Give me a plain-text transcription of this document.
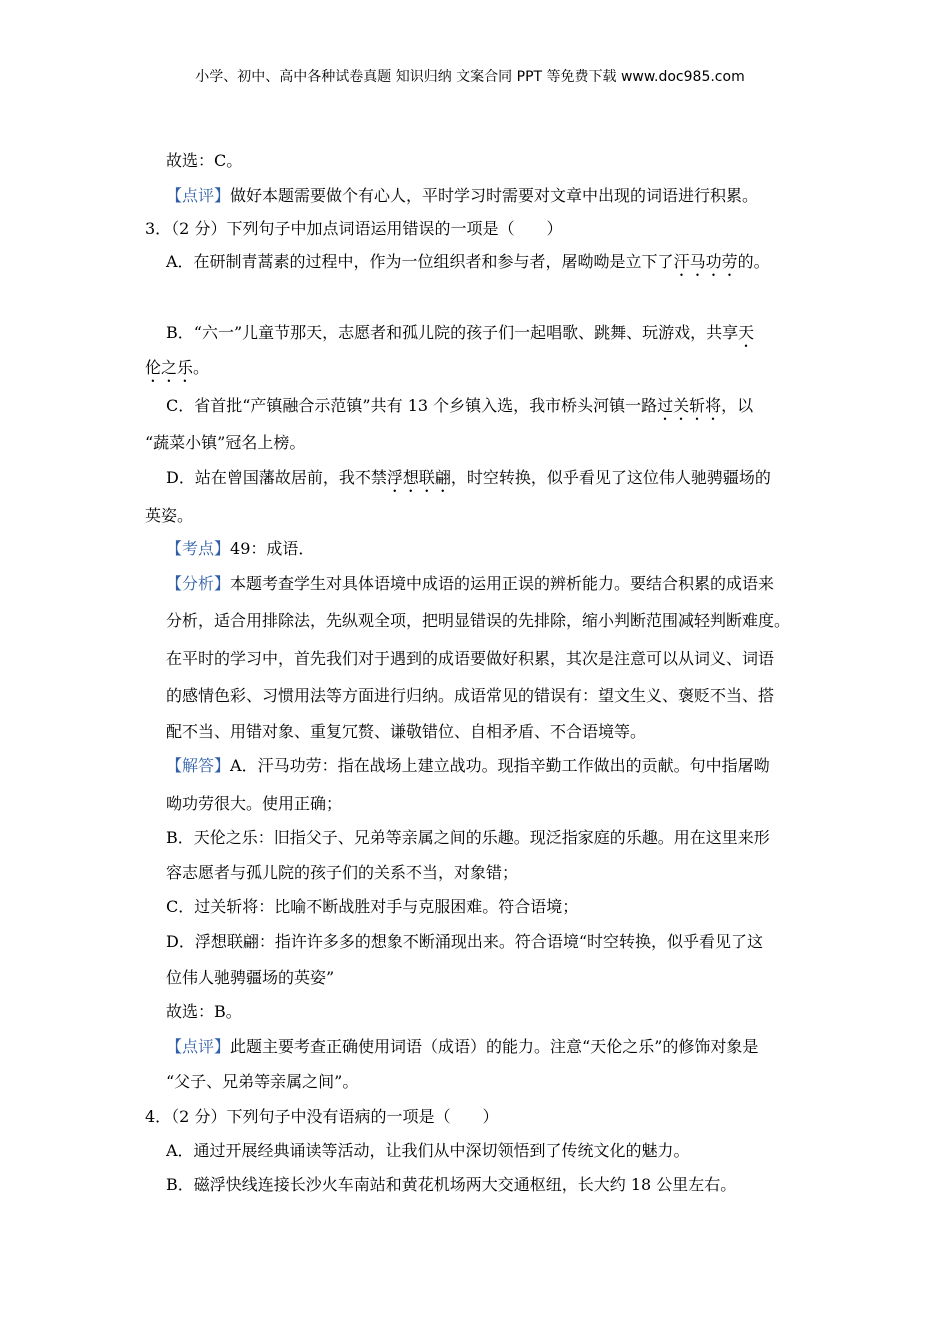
小学、初中、高中各种试卷真题 知识归纳 文案合同 PPT 等免费下载 www.doc985.com
故选：C。
【点评】做好本题需要做个有心人，平时学习时需要对文章中出现的词语进行积累。
3．（2 分）下列句子中加点词语运用错误的一项是（　　）
A．在研制青蒿素的过程中，作为一位组织者和参与者，屠呦呦是立下了汗马功劳的。
B．“六一”儿童节那天，志愿者和孤儿院的孩子们一起唱歌、跳舞、玩游戏，共享天
伦之乐。
C．省首批“产镇融合示范镇”共有 13 个乡镇入选，我市桥头河镇一路过关斩将，以
“蔬菜小镇”冠名上榜。
D．站在曾国藩故居前，我不禁浮想联翩，时空转换，似乎看见了这位伟人驰骋疆场的
英姿。
【考点】49：成语．
【分析】本题考查学生对具体语境中成语的运用正误的辨析能力。要结合积累的成语来
分析，适合用排除法，先纵观全项，把明显错误的先排除，缩小判断范围减轻判断难度。
在平时的学习中，首先我们对于遇到的成语要做好积累，其次是注意可以从词义、词语
的感情色彩、习惯用法等方面进行归纳。成语常见的错误有：望文生义、褒贬不当、搭
配不当、用错对象、重复冗赘、谦敬错位、自相矛盾、不合语境等。
【解答】A．汗马功劳：指在战场上建立战功。现指辛勤工作做出的贡献。句中指屠呦
呦功劳很大。使用正确；
B．天伦之乐：旧指父子、兄弟等亲属之间的乐趣。现泛指家庭的乐趣。用在这里来形
容志愿者与孤儿院的孩子们的关系不当，对象错；
C．过关斩将：比喻不断战胜对手与克服困难。符合语境；
D．浮想联翩：指许许多多的想象不断涌现出来。符合语境“时空转换，似乎看见了这
位伟人驰骋疆场的英姿”
故选：B。
【点评】此题主要考查正确使用词语（成语）的能力。注意“天伦之乐”的修饰对象是
“父子、兄弟等亲属之间”。
4．（2 分）下列句子中没有语病的一项是（　　）
A．通过开展经典诵读等活动，让我们从中深切领悟到了传统文化的魅力。
B．磁浮快线连接长沙火车南站和黄花机场两大交通枢纽，长大约 18 公里左右。
